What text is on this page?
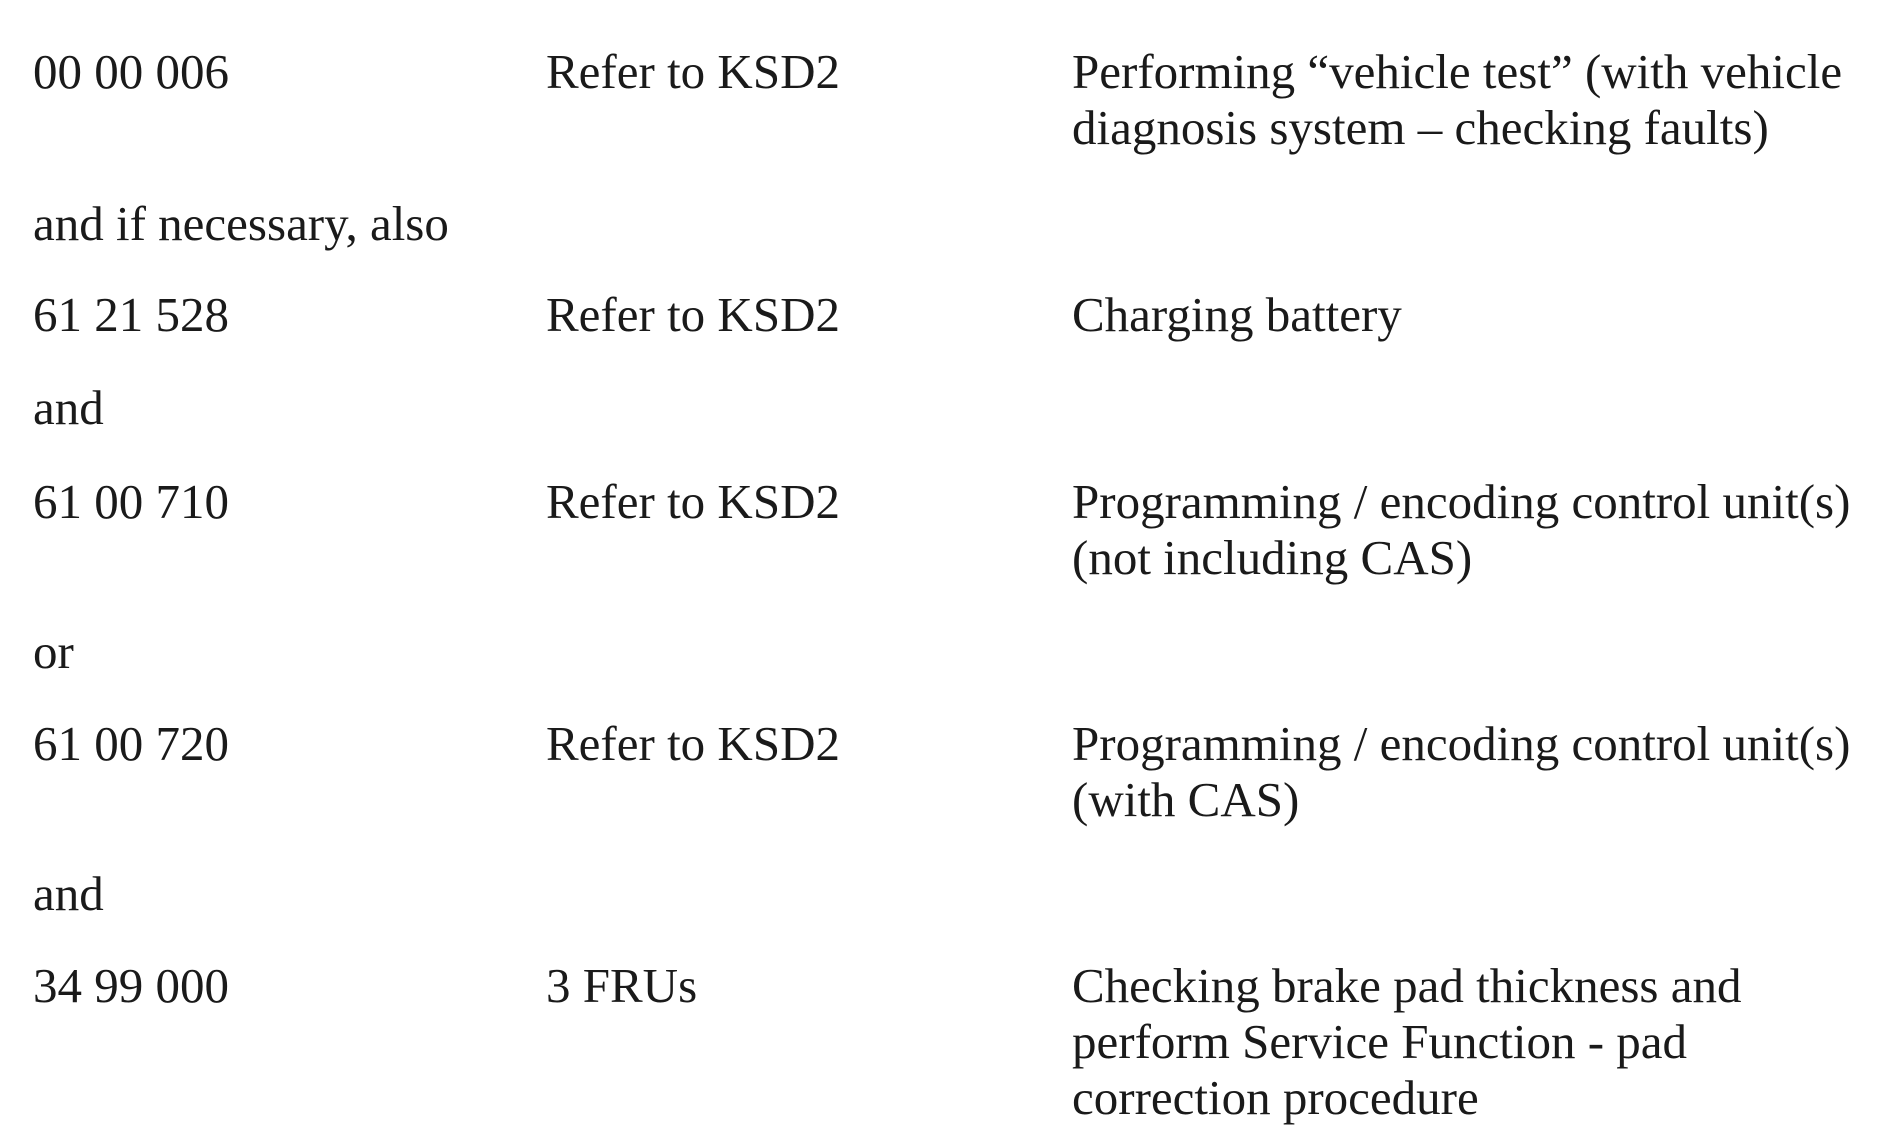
00 00 006	Refer to KSD2	Performing “vehicle test” (with vehicle
diagnosis system – checking faults)
and if necessary, also
61 21 528	Refer to KSD2	Charging battery
and
61 00 710	Refer to KSD2	Programming / encoding control unit(s)
(not including CAS)
or
61 00 720	Refer to KSD2	Programming / encoding control unit(s)
(with CAS)
and
34 99 000	3 FRUs	Checking brake pad thickness and
perform Service Function - pad
correction procedure
